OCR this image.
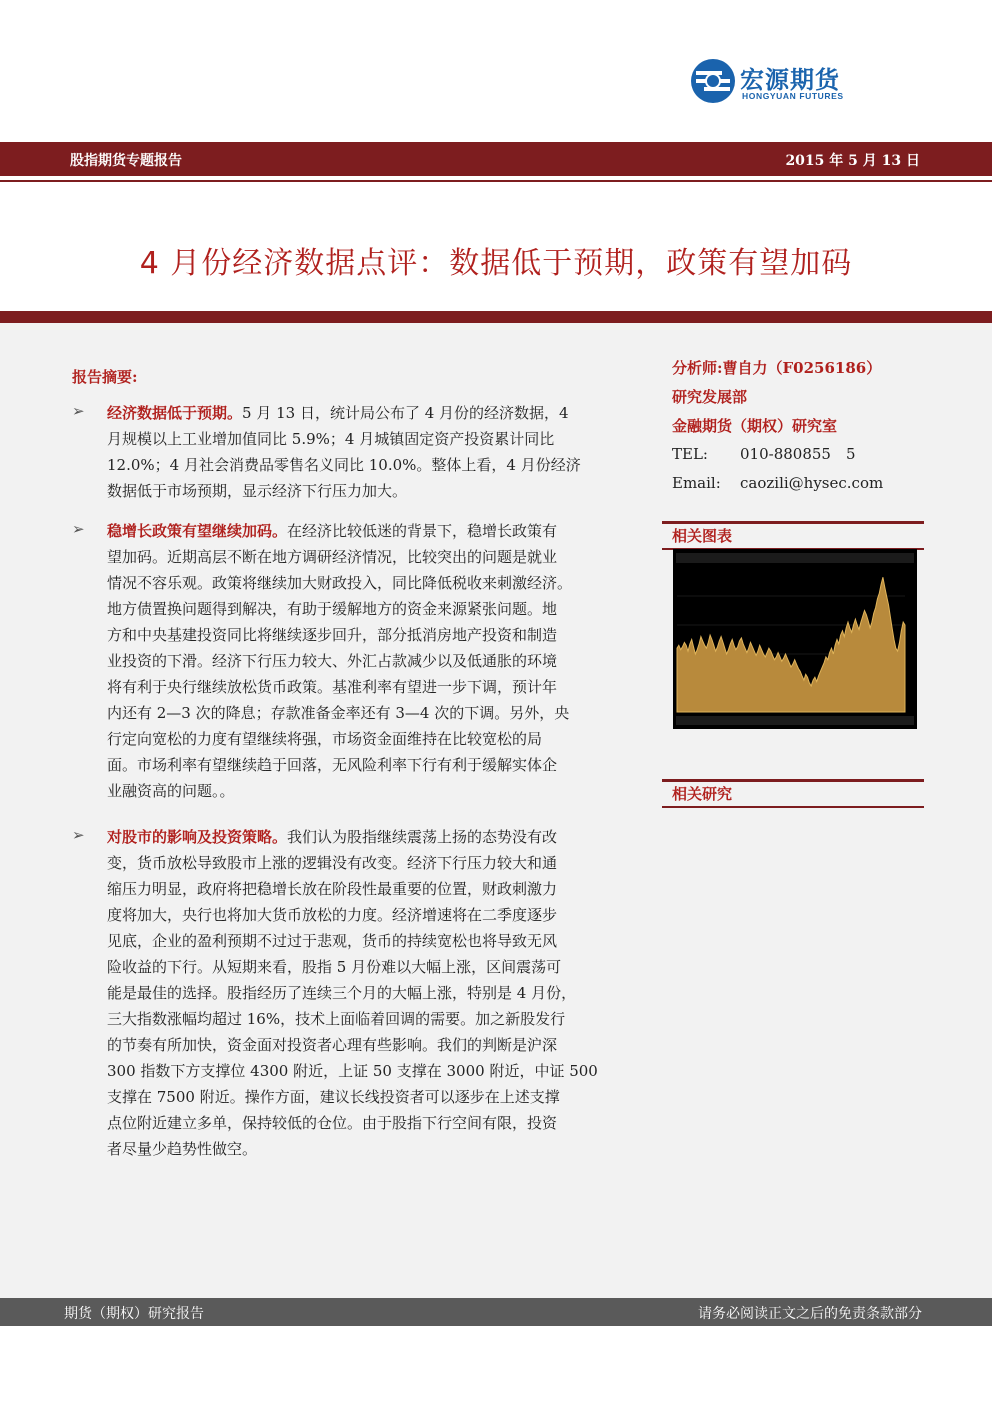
宏源期货
HONGYUAN FUTURES
股指期货专题报告	2015 年 5 月 13 日
4 月份经济数据点评：数据低于预期，政策有望加码
报告摘要:
➢ 经济数据低于预期。5 月 13 日，统计局公布了 4 月份的经济数据，4
月规模以上工业增加值同比 5.9%；4 月城镇固定资产投资累计同比
12.0%；4 月社会消费品零售名义同比 10.0%。整体上看，4 月份经济
数据低于市场预期，显示经济下行压力加大。
➢ 稳增长政策有望继续加码。在经济比较低迷的背景下，稳增长政策有
望加码。近期高层不断在地方调研经济情况，比较突出的问题是就业
情况不容乐观。政策将继续加大财政投入，同比降低税收来刺激经济。
地方债置换问题得到解决，有助于缓解地方的资金来源紧张问题。地
方和中央基建投资同比将继续逐步回升，部分抵消房地产投资和制造
业投资的下滑。经济下行压力较大、外汇占款减少以及低通胀的环境
将有利于央行继续放松货币政策。基准利率有望进一步下调，预计年
内还有 2—3 次的降息；存款准备金率还有 3—4 次的下调。另外，央
行定向宽松的力度有望继续将强，市场资金面维持在比较宽松的局
面。市场利率有望继续趋于回落，无风险利率下行有利于缓解实体企
业融资高的问题。。
➢ 对股市的影响及投资策略。我们认为股指继续震荡上扬的态势没有改
变，货币放松导致股市上涨的逻辑没有改变。经济下行压力较大和通
缩压力明显，政府将把稳增长放在阶段性最重要的位置，财政刺激力
度将加大，央行也将加大货币放松的力度。经济增速将在二季度逐步
见底，企业的盈利预期不过过于悲观，货币的持续宽松也将导致无风
险收益的下行。从短期来看，股指 5 月份难以大幅上涨，区间震荡可
能是最佳的选择。股指经历了连续三个月的大幅上涨，特别是 4 月份，
三大指数涨幅均超过 16%，技术上面临着回调的需要。加之新股发行
的节奏有所加快，资金面对投资者心理有些影响。我们的判断是沪深
300 指数下方支撑位 4300 附近，上证 50 支撑在 3000 附近，中证 500
支撑在 7500 附近。操作方面，建议长线投资者可以逐步在上述支撑
点位附近建立多单，保持较低的仓位。由于股指下行空间有限，投资
者尽量少趋势性做空。
分析师:曹自力（F0256186）
研究发展部
金融期货（期权）研究室
TEL: 010-880855　5
Email: caozili@hysec.com
相关图表
相关研究
期货（期权）研究报告	请务必阅读正文之后的免责条款部分
